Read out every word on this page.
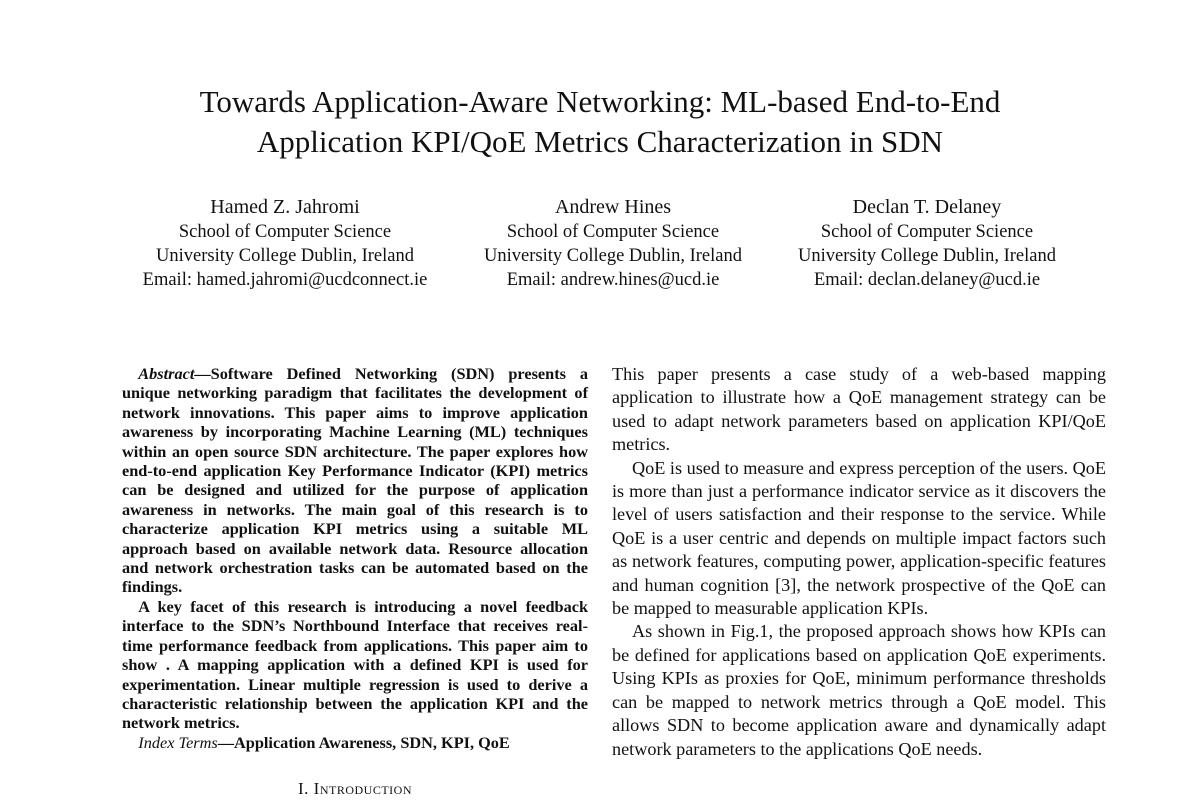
Towards Application-Aware Networking: ML-based End-to-End
Application KPI/QoE Metrics Characterization in SDN
Hamed Z. Jahromi
School of Computer Science
University College Dublin, Ireland
Email: hamed.jahromi@ucdconnect.ie
Andrew Hines
School of Computer Science
University College Dublin, Ireland
Email: andrew.hines@ucd.ie
Declan T. Delaney
School of Computer Science
University College Dublin, Ireland
Email: declan.delaney@ucd.ie

Abstract—Software Defined Networking (SDN) presents a unique networking paradigm that facilitates the development of network innovations. This paper aims to improve application awareness by incorporating Machine Learning (ML) techniques within an open source SDN architecture. The paper explores how end-to-end application Key Performance Indicator (KPI) metrics can be designed and utilized for the purpose of application awareness in networks. The main goal of this research is to characterize application KPI metrics using a suitable ML approach based on available network data. Resource allocation and network orchestration tasks can be automated based on the findings.

A key facet of this research is introducing a novel feedback interface to the SDN’s Northbound Interface that receives real-time performance feedback from applications. This paper aim to show . A mapping application with a defined KPI is used for experimentation. Linear multiple regression is used to derive a characteristic relationship between the application KPI and the network metrics.

Index Terms—Application Awareness, SDN, KPI, QoE

I. Introduction

This paper presents a case study of a web-based mapping application to illustrate how a QoE management strategy can be used to adapt network parameters based on application KPI/QoE metrics.

QoE is used to measure and express perception of the users. QoE is more than just a performance indicator service as it discovers the level of users satisfaction and their response to the service. While QoE is a user centric and depends on multiple impact factors such as network features, computing power, application-specific features and human cognition [3], the network prospective of the QoE can be mapped to measurable application KPIs.

As shown in Fig.1, the proposed approach shows how KPIs can be defined for applications based on application QoE experiments. Using KPIs as proxies for QoE, minimum performance thresholds can be mapped to network metrics through a QoE model. This allows SDN to become application aware and dynamically adapt network parameters to the applications QoE needs.
